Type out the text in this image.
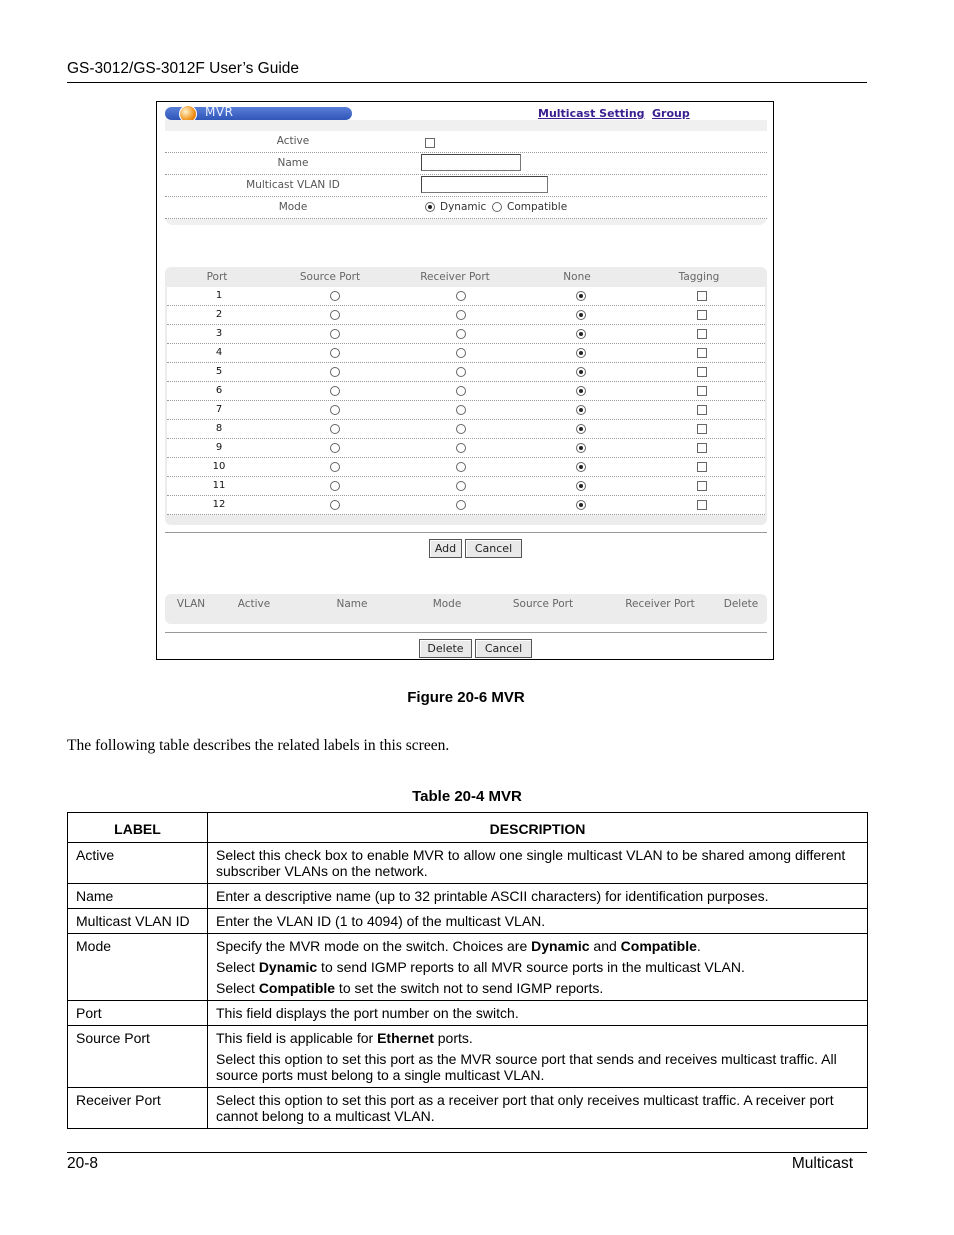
GS-3012/GS-3012F User’s Guide
MVR	Multicast Setting Group
Active
Name
Multicast VLAN ID
Mode	Dynamic Compatible
Port	Source Port	Receiver Port	None	Tagging
1
2
3
4
5
6
7
8
9
10
11
12
Add	Cancel
VLAN	Active	Name	Mode	Source Port	Receiver Port	Delete
Delete	Cancel
Figure 20-6 MVR
The following table describes the related labels in this screen.
Table 20-4 MVR
LABEL	DESCRIPTION
Active	Select this check box to enable MVR to allow one single multicast VLAN to be shared among different subscriber VLANs on the network.

Name	Enter a descriptive name (up to 32 printable ASCII characters) for identification purposes.

Multicast VLAN ID	Enter the VLAN ID (1 to 4094) of the multicast VLAN.

Mode	Specify the MVR mode on the switch. Choices are Dynamic and Compatible.

Select Dynamic to send IGMP reports to all MVR source ports in the multicast VLAN.

Select Compatible to set the switch not to send IGMP reports.

Port	This field displays the port number on the switch.

Source Port	This field is applicable for Ethernet ports.

Select this option to set this port as the MVR source port that sends and receives multicast traffic. All source ports must belong to a single multicast VLAN.

Receiver Port	Select this option to set this port as a receiver port that only receives multicast traffic. A receiver port cannot belong to a multicast VLAN.

20-8	Multicast
